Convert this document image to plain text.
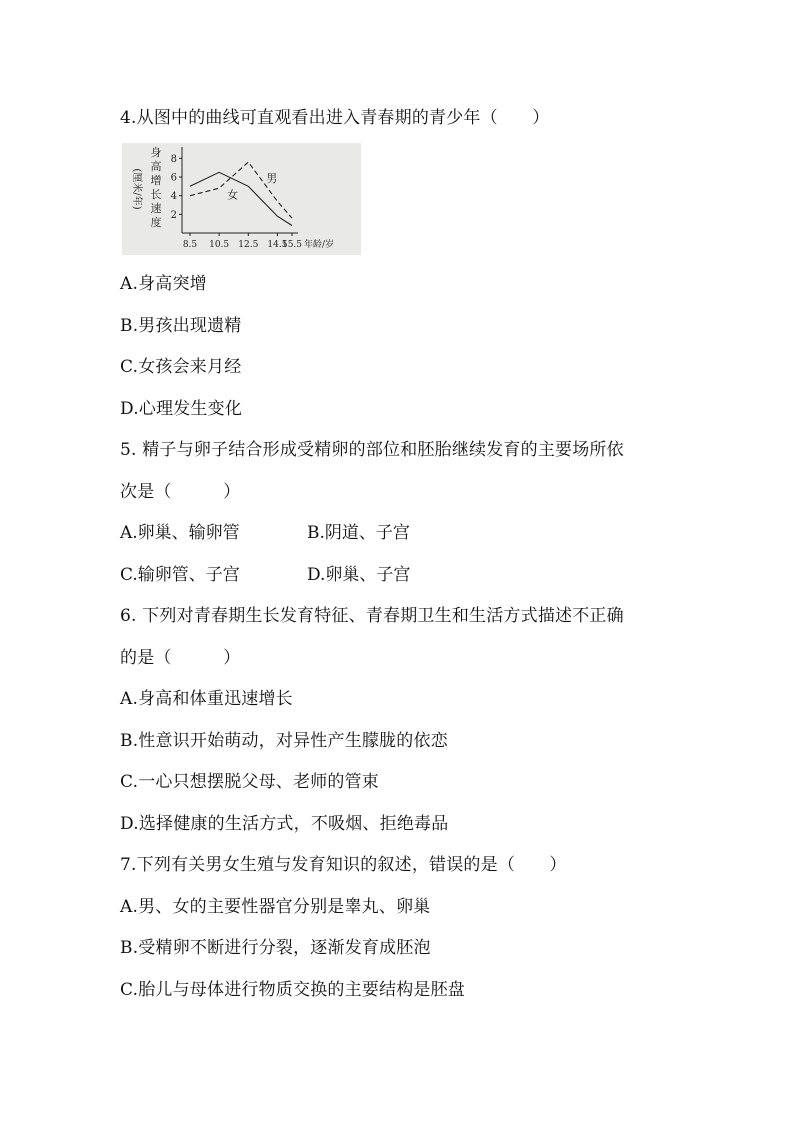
4.从图中的曲线可直观看出进入青春期的青少年（　　）
身
高
增
长
速
度
(厘米/年)
2
4
6
8
8.5 10.5 12.5 14.5
15.5
男
女
年龄/岁
A.身高突增
B.男孩出现遗精
C.女孩会来月经
D.心理发生变化
5. 精子与卵子结合形成受精卵的部位和胚胎继续发育的主要场所依
次是（　　　）
A.卵巢、输卵管	B.阴道、子宫
C.输卵管、子宫	D.卵巢、子宫
6. 下列对青春期生长发育特征、青春期卫生和生活方式描述不正确
的是（　　　）
A.身高和体重迅速增长
B.性意识开始萌动，对异性产生朦胧的依恋
C.一心只想摆脱父母、老师的管束
D.选择健康的生活方式，不吸烟、拒绝毒品
7.下列有关男女生殖与发育知识的叙述，错误的是（　　）
A.男、女的主要性器官分别是睾丸、卵巢
B.受精卵不断进行分裂，逐渐发育成胚泡
C.胎儿与母体进行物质交换的主要结构是胚盘
